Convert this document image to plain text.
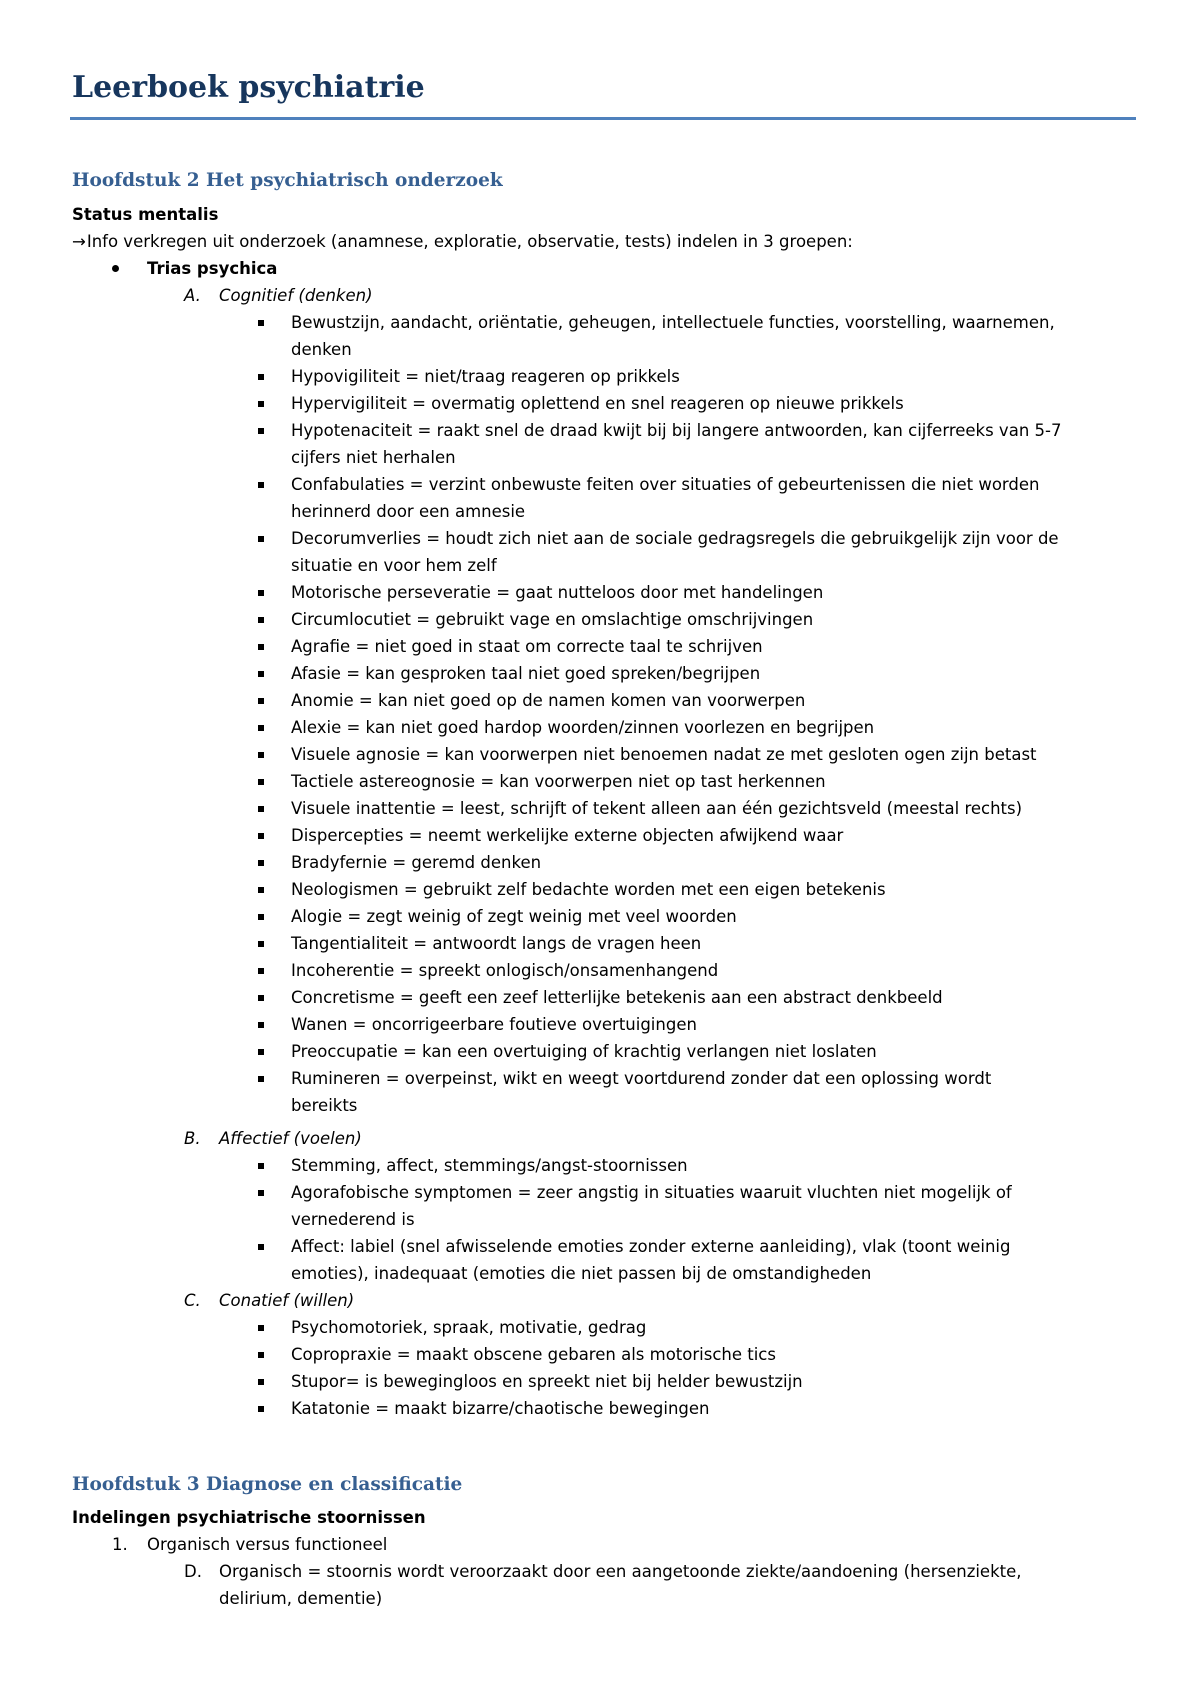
Leerboek psychiatrie
Hoofdstuk 2 Het psychiatrisch onderzoek
Status mentalis
→Info verkregen uit onderzoek (anamnese, exploratie, observatie, tests) indelen in 3 groepen:
Trias psychica
A. Cognitief (denken)
Bewustzijn, aandacht, oriëntatie, geheugen, intellectuele functies, voorstelling, waarnemen,
denken
Hypovigiliteit = niet/traag reageren op prikkels
Hypervigiliteit = overmatig oplettend en snel reageren op nieuwe prikkels
Hypotenaciteit = raakt snel de draad kwijt bij bij langere antwoorden, kan cijferreeks van 5-7
cijfers niet herhalen
Confabulaties = verzint onbewuste feiten over situaties of gebeurtenissen die niet worden
herinnerd door een amnesie
Decorumverlies = houdt zich niet aan de sociale gedragsregels die gebruikgelijk zijn voor de
situatie en voor hem zelf
Motorische perseveratie = gaat nutteloos door met handelingen
Circumlocutiet = gebruikt vage en omslachtige omschrijvingen
Agrafie = niet goed in staat om correcte taal te schrijven
Afasie = kan gesproken taal niet goed spreken/begrijpen
Anomie = kan niet goed op de namen komen van voorwerpen
Alexie = kan niet goed hardop woorden/zinnen voorlezen en begrijpen
Visuele agnosie = kan voorwerpen niet benoemen nadat ze met gesloten ogen zijn betast
Tactiele astereognosie = kan voorwerpen niet op tast herkennen
Visuele inattentie = leest, schrijft of tekent alleen aan één gezichtsveld (meestal rechts)
Dispercepties = neemt werkelijke externe objecten afwijkend waar
Bradyfernie = geremd denken
Neologismen = gebruikt zelf bedachte worden met een eigen betekenis
Alogie = zegt weinig of zegt weinig met veel woorden
Tangentialiteit = antwoordt langs de vragen heen
Incoherentie = spreekt onlogisch/onsamenhangend
Concretisme = geeft een zeef letterlijke betekenis aan een abstract denkbeeld
Wanen = oncorrigeerbare foutieve overtuigingen
Preoccupatie = kan een overtuiging of krachtig verlangen niet loslaten
Rumineren = overpeinst, wikt en weegt voortdurend zonder dat een oplossing wordt
bereikts
B. Affectief (voelen)
Stemming, affect, stemmings/angst-stoornissen
Agorafobische symptomen = zeer angstig in situaties waaruit vluchten niet mogelijk of
vernederend is
Affect: labiel (snel afwisselende emoties zonder externe aanleiding), vlak (toont weinig
emoties), inadequaat (emoties die niet passen bij de omstandigheden
C. Conatief (willen)
Psychomotoriek, spraak, motivatie, gedrag
Copropraxie = maakt obscene gebaren als motorische tics
Stupor= is bewegingloos en spreekt niet bij helder bewustzijn
Katatonie = maakt bizarre/chaotische bewegingen
Hoofdstuk 3 Diagnose en classificatie
Indelingen psychiatrische stoornissen
1. Organisch versus functioneel
D. Organisch = stoornis wordt veroorzaakt door een aangetoonde ziekte/aandoening (hersenziekte,
delirium, dementie)
